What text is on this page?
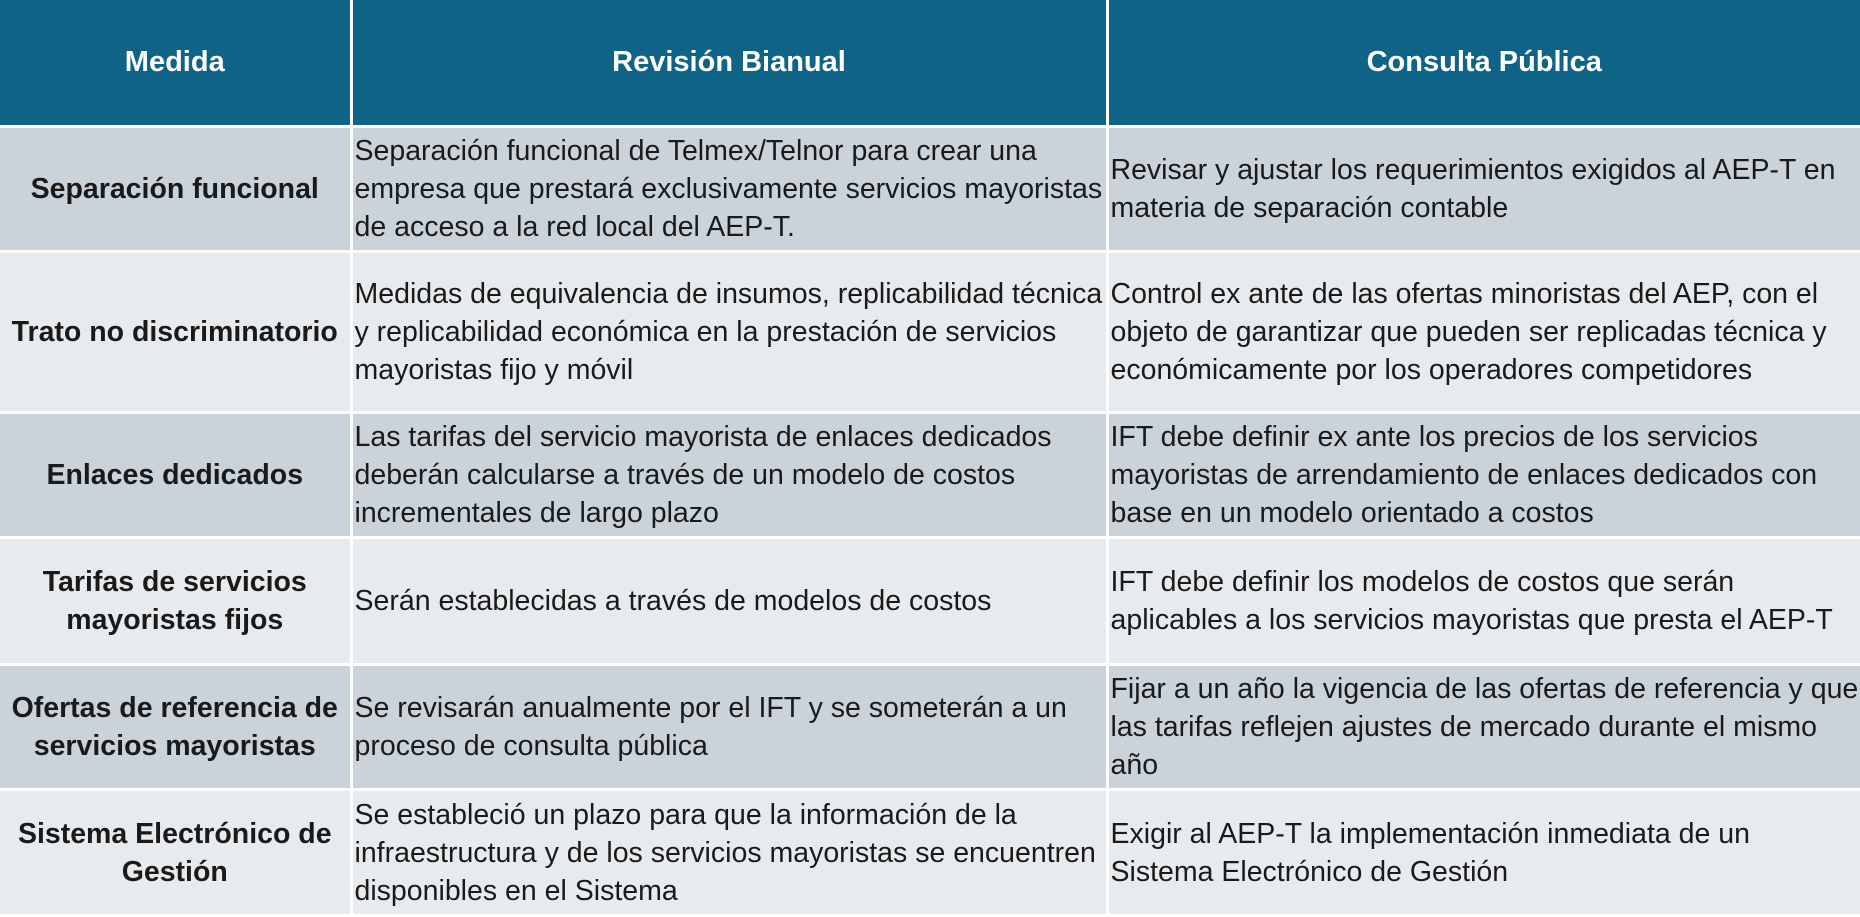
Medida	Revisión Bianual	Consulta Pública
Separación funcional	Separación funcional de Telmex/Telnor para crear una empresa que prestará exclusivamente servicios mayoristas de acceso a la red local del AEP-T.	Revisar y ajustar los requerimientos exigidos al AEP-T en materia de separación contable
Trato no discriminatorio	Medidas de equivalencia de insumos, replicabilidad técnica y replicabilidad económica en la prestación de servicios mayoristas fijo y móvil	Control ex ante de las ofertas minoristas del AEP, con el objeto de garantizar que pueden ser replicadas técnica y económicamente por los operadores competidores
Enlaces dedicados	Las tarifas del servicio mayorista de enlaces dedicados deberán calcularse a través de un modelo de costos incrementales de largo plazo	IFT debe definir ex ante los precios de los servicios mayoristas de arrendamiento de enlaces dedicados con base en un modelo orientado a costos
Tarifas de servicios mayoristas fijos	Serán establecidas a través de modelos de costos	IFT debe definir los modelos de costos que serán aplicables a los servicios mayoristas que presta el AEP-T
Ofertas de referencia de servicios mayoristas	Se revisarán anualmente por el IFT y se someterán a un proceso de consulta pública	Fijar a un año la vigencia de las ofertas de referencia y que las tarifas reflejen ajustes de mercado durante el mismo año
Sistema Electrónico de Gestión	Se estableció un plazo para que la información de la infraestructura y de los servicios mayoristas se encuentren disponibles en el Sistema	Exigir al AEP-T la implementación inmediata de un Sistema Electrónico de Gestión
